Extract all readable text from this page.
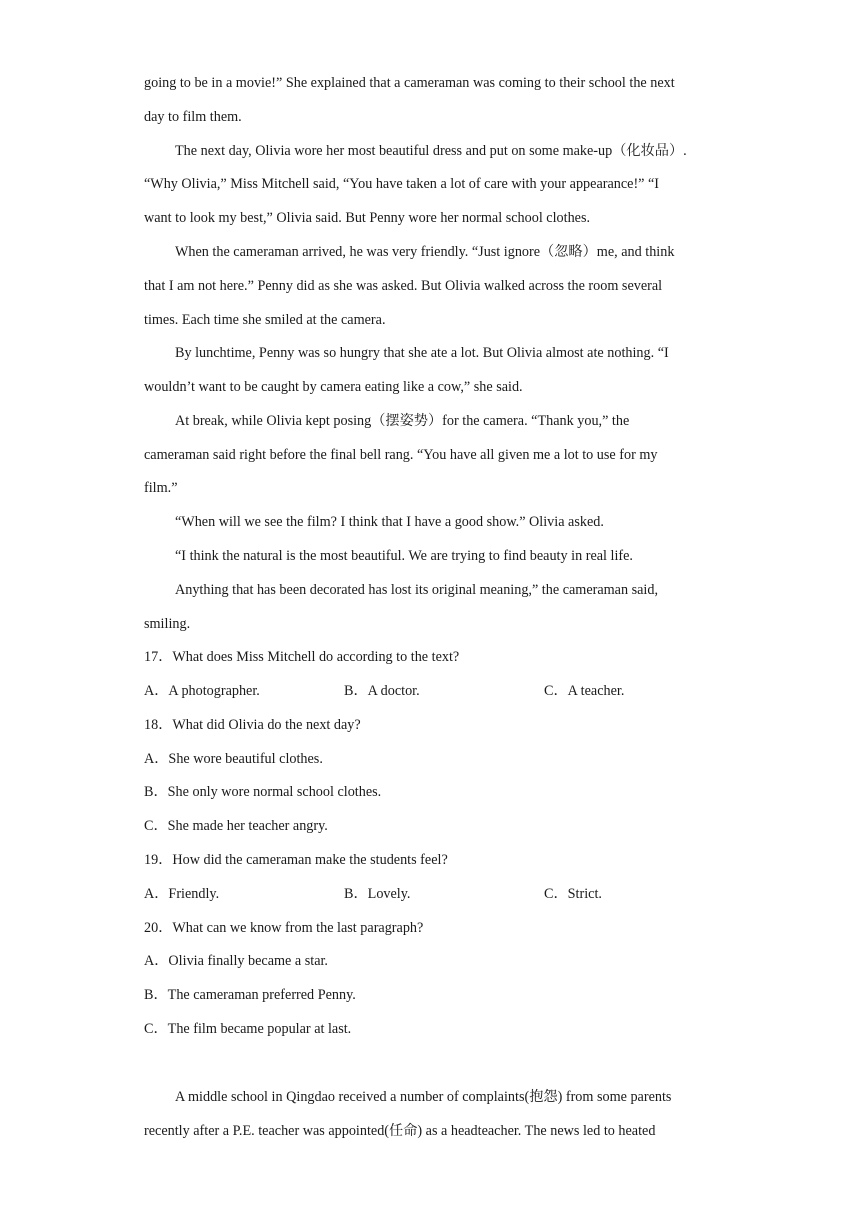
going to be in a movie!” She explained that a cameraman was coming to their school the next
day to film them.
The next day, Olivia wore her most beautiful dress and put on some make-up（化妆品）.
“Why Olivia,” Miss Mitchell said, “You have taken a lot of care with your appearance!” “I
want to look my best,” Olivia said. But Penny wore her normal school clothes.
When the cameraman arrived, he was very friendly. “Just ignore（忽略）me, and think
that I am not here.” Penny did as she was asked. But Olivia walked across the room several
times. Each time she smiled at the camera.
By lunchtime, Penny was so hungry that she ate a lot. But Olivia almost ate nothing. “I
wouldn’t want to be caught by camera eating like a cow,” she said.
At break, while Olivia kept posing（摆姿势）for the camera. “Thank you,” the
cameraman said right before the final bell rang. “You have all given me a lot to use for my
film.”
“When will we see the film? I think that I have a good show.” Olivia asked.
“I think the natural is the most beautiful. We are trying to find beauty in real life.
Anything that has been decorated has lost its original meaning,” the cameraman said,
smiling.
17．What does Miss Mitchell do according to the text?
A．A photographer.	B．A doctor.	C．A teacher.
18．What did Olivia do the next day?
A．She wore beautiful clothes.
B．She only wore normal school clothes.
C．She made her teacher angry.
19．How did the cameraman make the students feel?
A．Friendly.	B．Lovely.	C．Strict.
20．What can we know from the last paragraph?
A．Olivia finally became a star.
B．The cameraman preferred Penny.
C．The film became popular at last.
A middle school in Qingdao received a number of complaints(抱怨) from some parents
recently after a P.E. teacher was appointed(任命) as a headteacher. The news led to heated
